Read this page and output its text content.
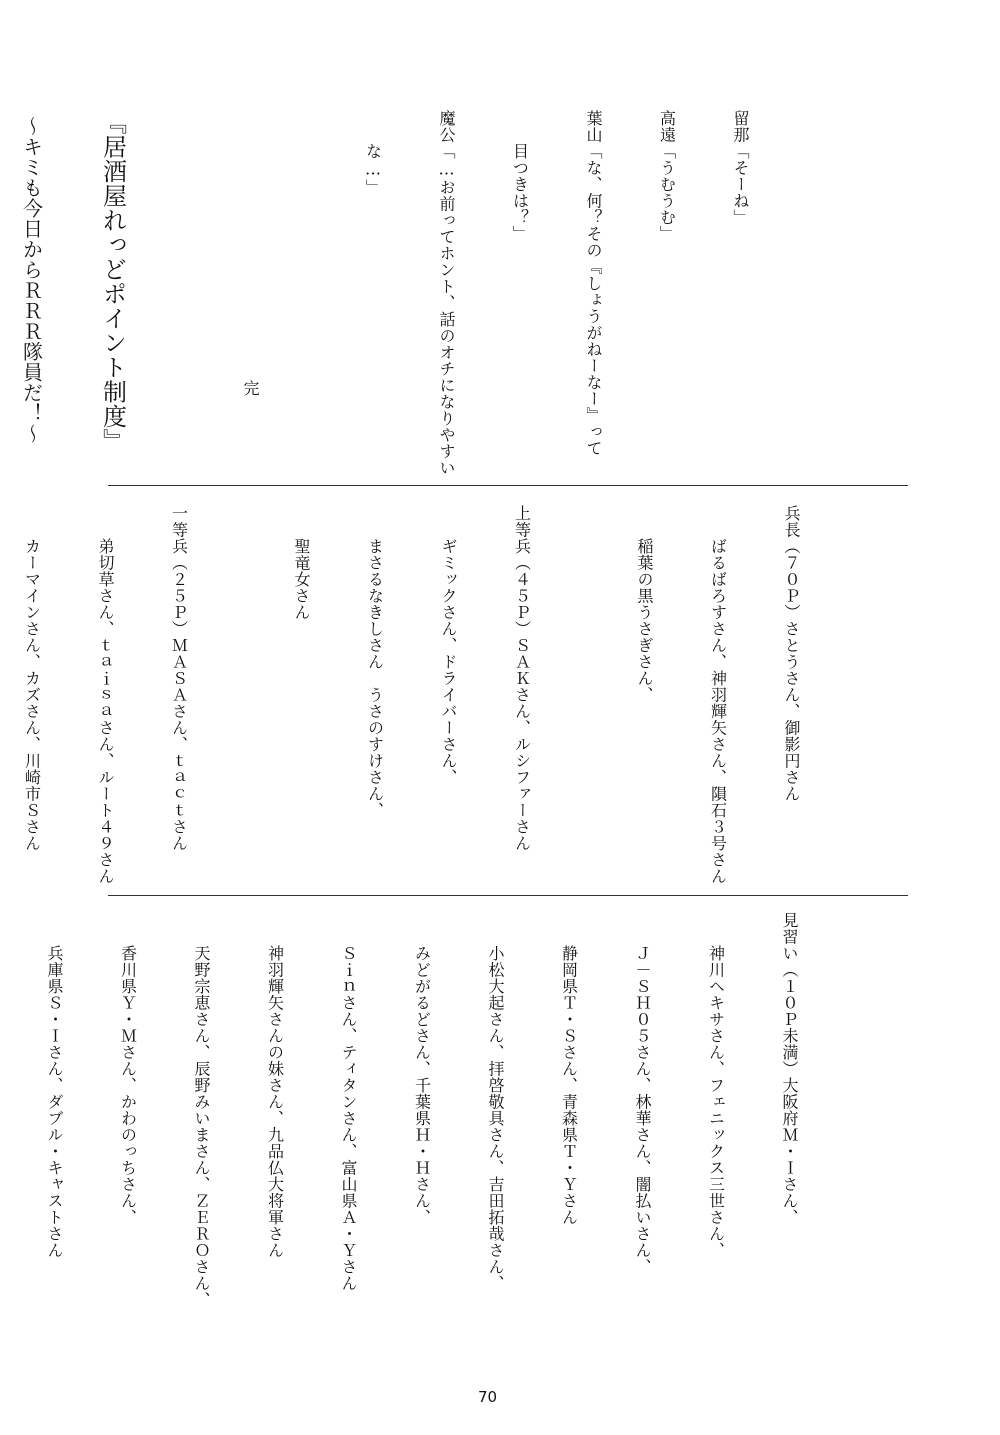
留那「そーね」

高遠「うむうむ」

葉山「な、何？その『しょうがねーなー』って

　　目つきは？」

魔公「…お前ってホント、話のオチになりやすい

　　な…」

完

『居酒屋れっどポイント制度』

～キミも今日からＲＲＲ隊員だ！～

兵長（７０Ｐ）さとうさん、御影円さん

　　ばるばろすさん、神羽輝矢さん、隕石３号さん

　　稲葉の黒うさぎさん、

上等兵（４５Ｐ）ＳＡＫさん、ルシファーさん

　　ギミックさん、ドライバーさん、

　　まさるなきしさん　うさのすけさん、

　　聖竜女さん

一等兵（２５Ｐ）ＭＡＳＡさん、ｔａｃｔさん

　　弟切草さん、ｔａｉｓａさん、ルート４９さん

　　カーマインさん、カズさん、川崎市Ｓさん

見習い（１０Ｐ未満）大阪府Ｍ・Ｉさん、

　　神川ヘキサさん、フェニックス三世さん、

　　Ｊ－ＳＨ０５さん、林華さん、闇払いさん、

　　静岡県Ｔ・Ｓさん、青森県Ｔ・Ｙさん

　　小松大起さん、拝啓敬具さん、吉田拓哉さん、

　　みどがるどさん、千葉県Ｈ・Ｈさん、

　　Ｓｉｎさん、ティタンさん、富山県Ａ・Ｙさん

　　神羽輝矢さんの妹さん、九品仏大将軍さん

　　天野宗恵さん、辰野みいまさん、ＺＥＲＯさん、

　　香川県Ｙ・Ｍさん、かわのっちさん、

　　兵庫県Ｓ・Ｉさん、ダブル・キャストさん

70
